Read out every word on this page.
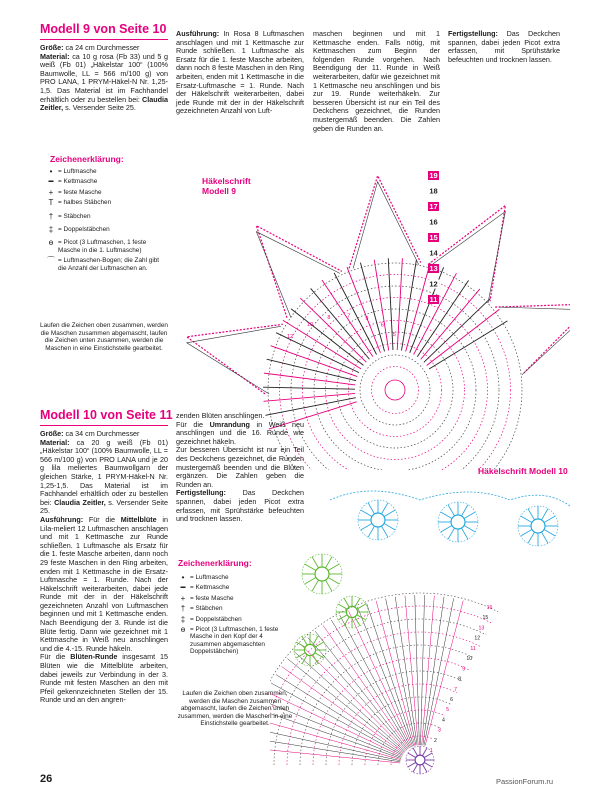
Modell 9 von Seite 10
Größe: ca 24 cm Durchmesser
Material: ca 10 g rosa (Fb 33) und 5 g weiß (Fb 01) „Häkelstar 100“ (100% Baumwolle, LL = 566 m/100 g) von PRO LANA, 1 PRYM-Häkel-N Nr. 1,25-1,5. Das Material ist im Fachhandel erhältlich oder zu bestellen bei: Claudia Zeitler, s. Versender Seite 25.
Ausführung: In Rosa 8 Luftmaschen anschlagen und mit 1 Kettmasche zur Runde schließen. 1 Luftmasche als Ersatz für die 1. feste Masche arbeiten, dann noch 8 feste Maschen in den Ring arbeiten, enden mit 1 Kettmasche in die Ersatz-Luftmasche = 1. Runde. Nach der Häkelschrift weiterarbeiten, dabei jede Runde mit der in der Häkelschrift gezeichneten Anzahl von Luft-
maschen beginnen und mit 1 Kettmasche enden. Falls nötig, mit Kettmaschen zum Beginn der folgenden Runde vorgehen. Nach Beendigung der 11. Runde in Weiß weiterarbeiten, dafür wie gezeichnet mit 1 Kettmasche neu anschlingen und bis zur 19. Runde weiterhäkeln. Zur besseren Übersicht ist nur ein Teil des Deckchens gezeichnet, die Runden mustergemäß beenden. Die Zahlen geben die Runden an.
Fertigstellung: Das Deckchen spannen, dabei jeden Picot extra erfassen, mit Sprühstärke befeuchten und trocknen lassen.
Zeichenerklärung:
• = Luftmasche
▬ = Kettmasche
+ = feste Masche
T = halbes Stäbchen
† = Stäbchen
‡ = Doppelstäbchen
ɵ = Picot (3 Luftmaschen, 1 feste Masche in die 1. Luftmasche)
⌒ = Luftmaschen-Bogen; die Zahl gibt die Anzahl der Luftmaschen an.
Laufen die Zeichen oben zusammen, werden die Maschen zusammen abgemascht, laufen die Zeichen unten zusammen, werden die Maschen in eine Einstichstelle gearbeitet.
Häkelschrift
Modell 9
19
18
17
16
15
14
13
12
11
12
10
8	7	9
6
5
Modell 10 von Seite 11
Größe: ca 34 cm Durchmesser
Material: ca 20 g weiß (Fb 01) „Häkelstar 100“ (100% Baumwolle, LL = 566 m/100 g) von PRO LANA und je 20 g lila meliertes Baumwollgarn der gleichen Stärke, 1 PRYM-Häkel-N Nr. 1,25-1,5. Das Material ist im Fachhandel erhältlich oder zu bestellen bei: Claudia Zeitler, s. Versender Seite 25.
Ausführung: Für die Mittelblüte in Lila-meliert 12 Luftmaschen anschlagen und mit 1 Kettmasche zur Runde schließen. 1 Luftmasche als Ersatz für die 1. feste Masche arbeiten, dann noch 29 feste Maschen in den Ring arbeiten, enden mit 1 Kettmasche in die Ersatz-Luftmasche = 1. Runde. Nach der Häkelschrift weiterarbeiten, dabei jede Runde mit der in der Häkelschrift gezeichneten Anzahl von Luftmaschen beginnen und mit 1 Kettmasche enden. Nach Beendigung der 3. Runde ist die Blüte fertig. Dann wie gezeichnet mit 1 Kettmasche in Weiß neu anschlingen und die 4.-15. Runde häkeln.
Für die Blüten-Runde insgesamt 15 Blüten wie die Mittelblüte arbeiten, dabei jeweils zur Verbindung in der 3. Runde mit festen Maschen an den mit Pfeil gekennzeichneten Stellen der 15. Runde und an den angren-
zenden Blüten anschlingen.
Für die Umrandung in Weiß neu anschlingen und die 16. Runde wie gezeichnet häkeln.
Zur besseren Übersicht ist nur ein Teil des Deckchens gezeichnet, die Runden mustergemäß beenden und die Blüten ergänzen. Die Zahlen geben die Runden an.
Fertigstellung: Das Deckchen spannen, dabei jeden Picot extra erfassen, mit Sprühstärke befeuchten und trocknen lassen.
Zeichenerklärung:
• = Luftmasche
▬ = Kettmasche
+ = feste Masche
† = Stäbchen
‡ = Doppelstäbchen
ɵ = Picot (3 Luftmaschen, 1 feste Masche in den Kopf der 4 zusammen abgemaschten Doppelstäbchen)
Laufen die Zeichen oben zusammen, werden die Maschen zusammen abgemascht, laufen die Zeichen unten zusammen, werden die Maschen in eine Einstichstelle gearbeitet.
Häkelschrift Modell 10
16
15
13
12
11
10
9
8
7
6
5
4
3
2
1
26	PassionForum.ru
